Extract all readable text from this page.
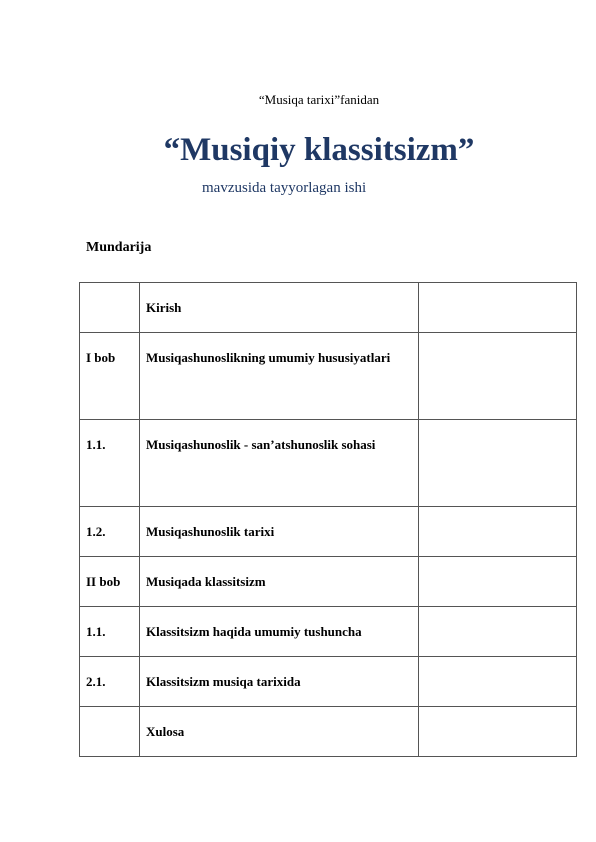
“Musiqa tarixi”fanidan
“Musiqiy klassitsizm”
mavzusida tayyorlagan ishi
Mundarija
	Kirish	
I bob	Musiqashunoslikning umumiy hususiyatlari	
1.1.	Musiqashunoslik - san’atshunoslik sohasi	
1.2.	Musiqashunoslik tarixi	
II bob	Musiqada klassitsizm	
1.1.	Klassitsizm haqida umumiy tushuncha	
2.1.	Klassitsizm musiqa tarixida	
	Xulosa	
